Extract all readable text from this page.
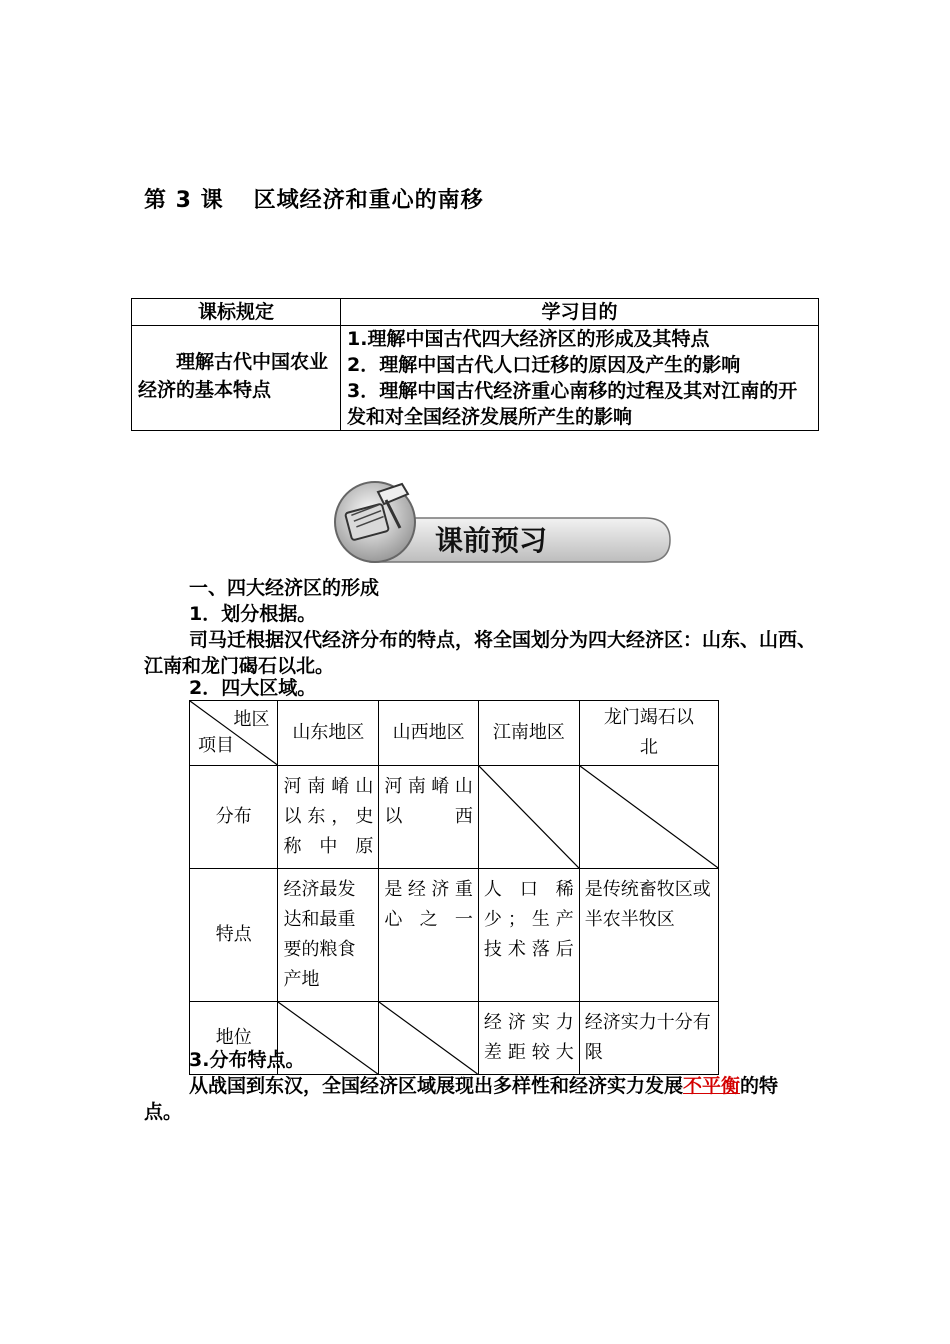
第 3 课 区域经济和重心的南移
课标规定	学习目的
理解古代中国农业经济的基本特点	1.理解中国古代四大经济区的形成及其特点
2．理解中国古代人口迁移的原因及产生的影响
3．理解中国古代经济重心南移的过程及其对江南的开发和对全国经济发展所产生的影响
课前预习
一、四大经济区的形成
1．划分根据。
司马迁根据汉代经济分布的特点，将全国划分为四大经济区：山东、山西、江南和龙门碣石以北。
2．四大区域。
地区
项目	山东地区	山西地区	江南地区	龙门竭石以北
分布	河南崤山以东，史称中原	河南崤山以西	

特点	经济最发达和最重要的粮食产地	是经济重心之一	人口稀少；生产技术落后	是传统畜牧区或半农半牧区
地位			经济实力差距较大	经济实力十分有限
3.分布特点。
从战国到东汉，全国经济区域展现出多样性和经济实力发展不平衡的特点。
